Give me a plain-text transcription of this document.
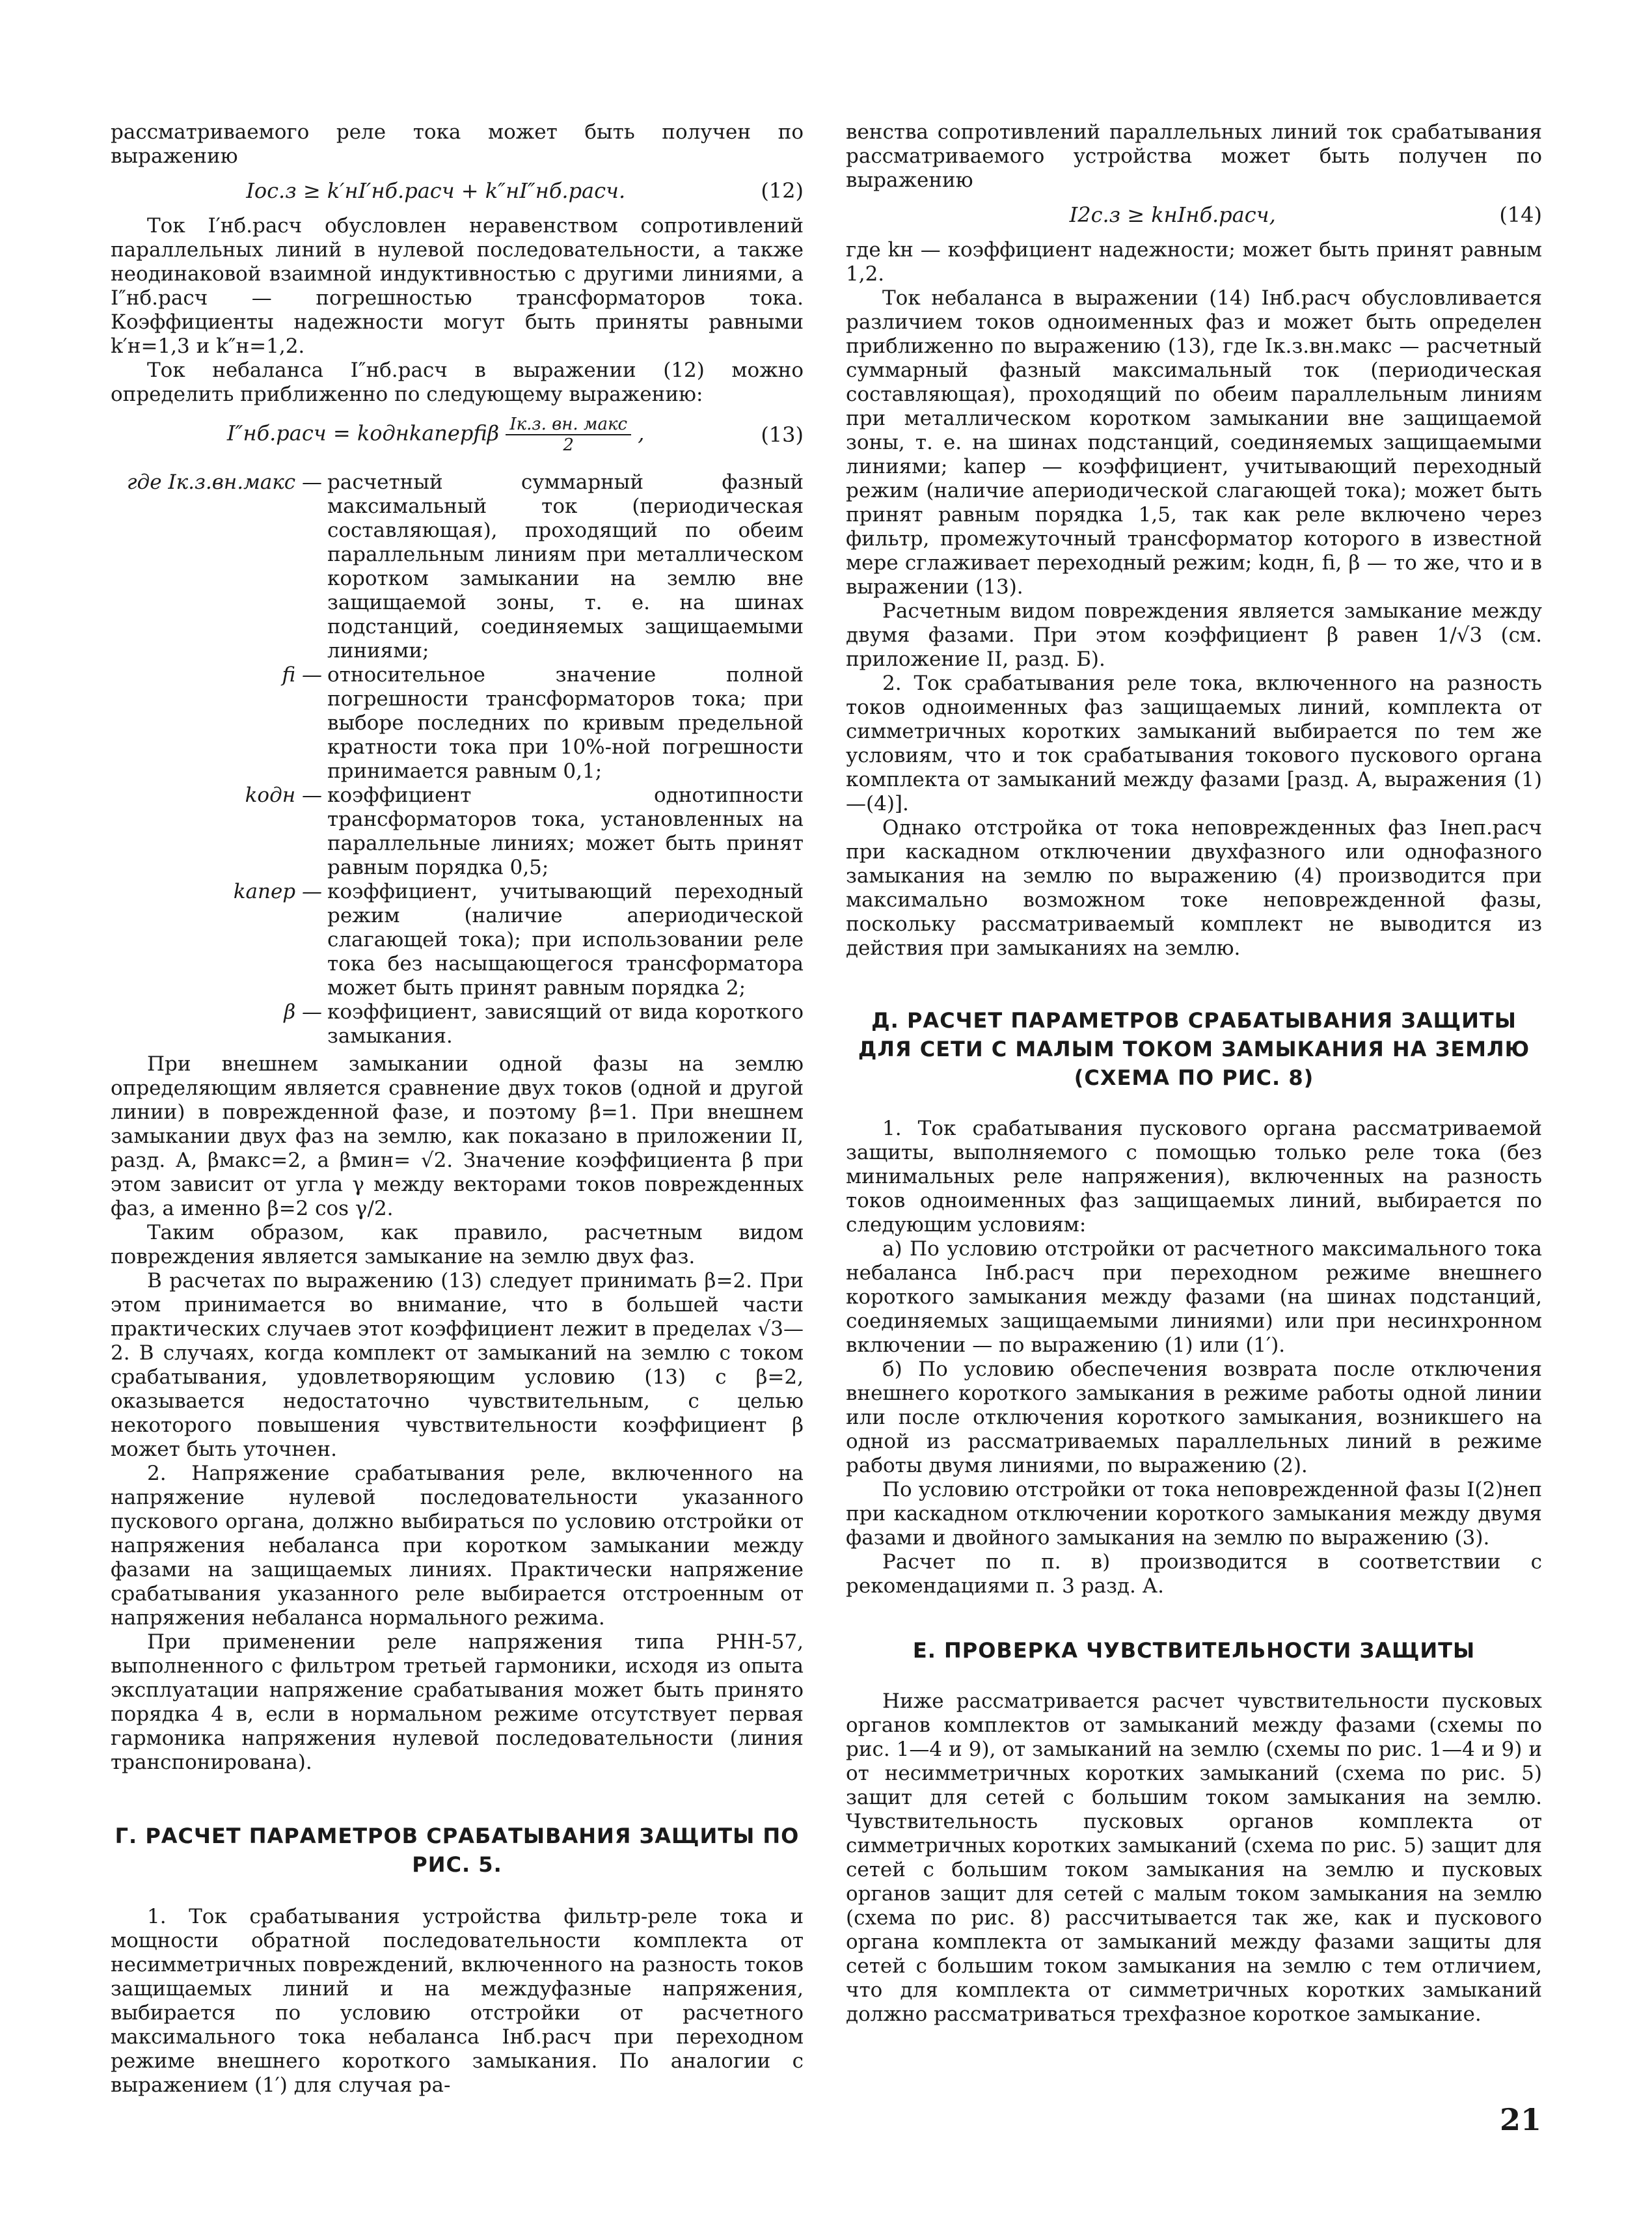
рассматриваемого реле тока может быть получен по выражению

Iос.з ≥ k′нI′нб.расч + k″нI″нб.расч.	(12)

Ток I′нб.расч обусловлен неравенством сопротивлений параллельных линий в нулевой последовательности, а также неодинаковой взаимной индуктивностью с другими линиями, а I″нб.расч — погрешностью трансформаторов тока. Коэффициенты надежности могут быть приняты равными k′н=1,3 и k″н=1,2.

Ток небаланса I″нб.расч в выражении (12) можно определить приближенно по следующему выражению:

I″нб.расч = kоднkаперfiβ $\frac{\text{Iк.з. вн. макс}}{2}$ ,	(13)
где Iк.з.вн.макс — расчетный суммарный фазный максимальный ток (периодическая составляющая), проходящий по обеим параллельным линиям при металлическом коротком замыкании на землю вне защищаемой зоны, т. е. на шинах подстанций, соединяемых защищаемыми линиями;
fi — относительное значение полной погрешности трансформаторов тока; при выборе последних по кривым предельной кратности тока при 10%-ной погрешности принимается равным 0,1;
kодн — коэффициент однотипности трансформаторов тока, установленных на параллельные линиях; может быть принят равным порядка 0,5;
kапер — коэффициент, учитывающий переходный режим (наличие апериодической слагающей тока); при использовании реле тока без насыщающегося трансформатора может быть принят равным порядка 2;
β — коэффициент, зависящий от вида короткого замыкания.

При внешнем замыкании одной фазы на землю определяющим является сравнение двух токов (одной и другой линии) в поврежденной фазе, и поэтому β=1. При внешнем замыкании двух фаз на землю, как показано в приложении II, разд. А, βмакс=2, а βмин= √2. Значение коэффициента β при этом зависит от угла γ между векторами токов поврежденных фаз, а именно β=2 cos γ/2.

Таким образом, как правило, расчетным видом повреждения является замыкание на землю двух фаз.

В расчетах по выражению (13) следует принимать β=2. При этом принимается во внимание, что в большей части практических случаев этот коэффициент лежит в пределах √3—2. В случаях, когда комплект от замыканий на землю с током срабатывания, удовлетворяющим условию (13) с β=2, оказывается недостаточно чувствительным, с целью некоторого повышения чувствительности коэффициент β может быть уточнен.

2. Напряжение срабатывания реле, включенного на напряжение нулевой последовательности указанного пускового органа, должно выбираться по условию отстройки от напряжения небаланса при коротком замыкании между фазами на защищаемых линиях. Практически напряжение срабатывания указанного реле выбирается отстроенным от напряжения небаланса нормального режима.

При применении реле напряжения типа РНН-57, выполненного с фильтром третьей гармоники, исходя из опыта эксплуатации напряжение срабатывания может быть принято порядка 4 в, если в нормальном режиме отсутствует первая гармоника напряжения нулевой последовательности (линия транспонирована).

Г. РАСЧЕТ ПАРАМЕТРОВ СРАБАТЫВАНИЯ ЗАЩИТЫ ПО РИС. 5.

1. Ток срабатывания устройства фильтр-реле тока и мощности обратной последовательности комплекта от несимметричных повреждений, включенного на разность токов защищаемых линий и на междуфазные напряжения, выбирается по условию отстройки от расчетного максимального тока небаланса Iнб.расч при переходном режиме внешнего короткого замыкания. По аналогии с выражением (1′) для случая ра-

венства сопротивлений параллельных линий ток срабатывания рассматриваемого устройства может быть получен по выражению

I2с.з ≥ kнIнб.расч,	(14)

где kн — коэффициент надежности; может быть принят равным 1,2.

Ток небаланса в выражении (14) Iнб.расч обусловливается различием токов одноименных фаз и может быть определен приближенно по выражению (13), где Iк.з.вн.макс — расчетный суммарный фазный максимальный ток (периодическая составляющая), проходящий по обеим параллельным линиям при металлическом коротком замыкании вне защищаемой зоны, т. е. на шинах подстанций, соединяемых защищаемыми линиями; kапер — коэффициент, учитывающий переходный режим (наличие апериодической слагающей тока); может быть принят равным порядка 1,5, так как реле включено через фильтр, промежуточный трансформатор которого в известной мере сглаживает переходный режим; kодн, fi, β — то же, что и в выражении (13).

Расчетным видом повреждения является замыкание между двумя фазами. При этом коэффициент β равен 1/√3 (см. приложение II, разд. Б).

2. Ток срабатывания реле тока, включенного на разность токов одноименных фаз защищаемых линий, комплекта от симметричных коротких замыканий выбирается по тем же условиям, что и ток срабатывания токового пускового органа комплекта от замыканий между фазами [разд. А, выражения (1)—(4)].

Однако отстройка от тока неповрежденных фаз Iнеп.расч при каскадном отключении двухфазного или однофазного замыкания на землю по выражению (4) производится при максимально возможном токе неповрежденной фазы, поскольку рассматриваемый комплект не выводится из действия при замыканиях на землю.

Д. РАСЧЕТ ПАРАМЕТРОВ СРАБАТЫВАНИЯ ЗАЩИТЫ ДЛЯ СЕТИ С МАЛЫМ ТОКОМ ЗАМЫКАНИЯ НА ЗЕМЛЮ (СХЕМА ПО РИС. 8)

1. Ток срабатывания пускового органа рассматриваемой защиты, выполняемого с помощью только реле тока (без минимальных реле напряжения), включенных на разность токов одноименных фаз защищаемых линий, выбирается по следующим условиям:

а) По условию отстройки от расчетного максимального тока небаланса Iнб.расч при переходном режиме внешнего короткого замыкания между фазами (на шинах подстанций, соединяемых защищаемыми линиями) или при несинхронном включении — по выражению (1) или (1′).

б) По условию обеспечения возврата после отключения внешнего короткого замыкания в режиме работы одной линии или после отключения короткого замыкания, возникшего на одной из рассматриваемых параллельных линий в режиме работы двумя линиями, по выражению (2).

По условию отстройки от тока неповрежденной фазы I(2)неп при каскадном отключении короткого замыкания между двумя фазами и двойного замыкания на землю по выражению (3).

Расчет по п. в) производится в соответствии с рекомендациями п. 3 разд. А.

Е. ПРОВЕРКА ЧУВСТВИТЕЛЬНОСТИ ЗАЩИТЫ

Ниже рассматривается расчет чувствительности пусковых органов комплектов от замыканий между фазами (схемы по рис. 1—4 и 9), от замыканий на землю (схемы по рис. 1—4 и 9) и от несимметричных коротких замыканий (схема по рис. 5) защит для сетей с большим током замыкания на землю. Чувствительность пусковых органов комплекта от симметричных коротких замыканий (схема по рис. 5) защит для сетей с большим током замыкания на землю и пусковых органов защит для сетей с малым током замыкания на землю (схема по рис. 8) рассчитывается так же, как и пускового органа комплекта от замыканий между фазами защиты для сетей с большим током замыкания на землю с тем отличием, что для комплекта от симметричных коротких замыканий должно рассматриваться трехфазное короткое замыкание.

21
